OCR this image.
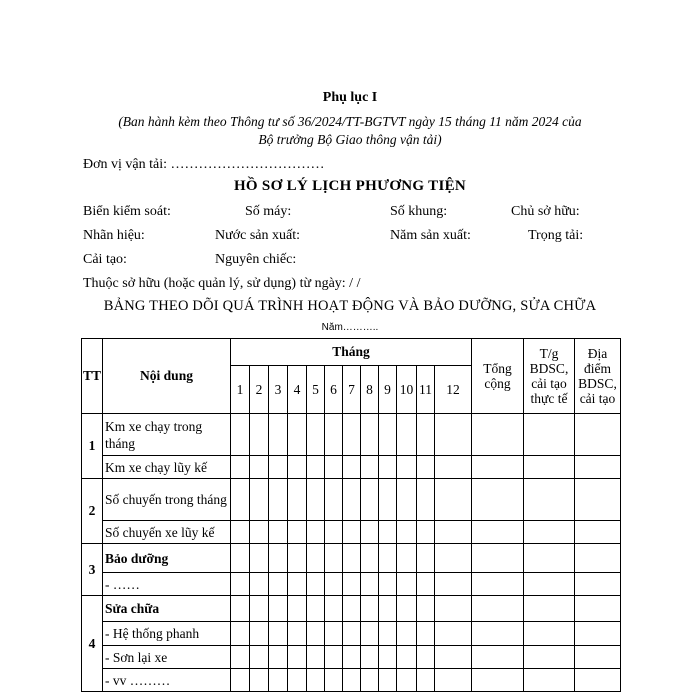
Phụ lục I
(Ban hành kèm theo Thông tư số 36/2024/TT-BGTVT ngày 15 tháng 11 năm 2024 của
Bộ trưởng Bộ Giao thông vận tải)
Đơn vị vận tải: ……………………………
HỒ SƠ LÝ LỊCH PHƯƠNG TIỆN
Biển kiểm soát:	Số máy:	Số khung:	Chủ sở hữu:
Nhãn hiệu:	Nước sản xuất:	Năm sản xuất:	Trọng tải:
Cải tạo:	Nguyên chiếc:
Thuộc sở hữu (hoặc quản lý, sử dụng) từ ngày: / /
BẢNG THEO DÕI QUÁ TRÌNH HOẠT ĐỘNG VÀ BẢO DƯỠNG, SỬA CHỮA
Năm………..
TT	Nội dung	Tháng												Tổng cộng	T/g BDSC, cải tạo thực tế	Địa điểm BDSC, cải tạo
		1	2	3	4	5	6	7	8	9	10	11	12			
1	Km xe chạy trong tháng															
	Km xe chạy lũy kế															
2	Số chuyến trong tháng															
	Số chuyến xe lũy kế															
3	Bảo dưỡng															
	- ……															
4	Sửa chữa															
	- Hệ thống phanh															
	- Sơn lại xe															
	- vv ………															
